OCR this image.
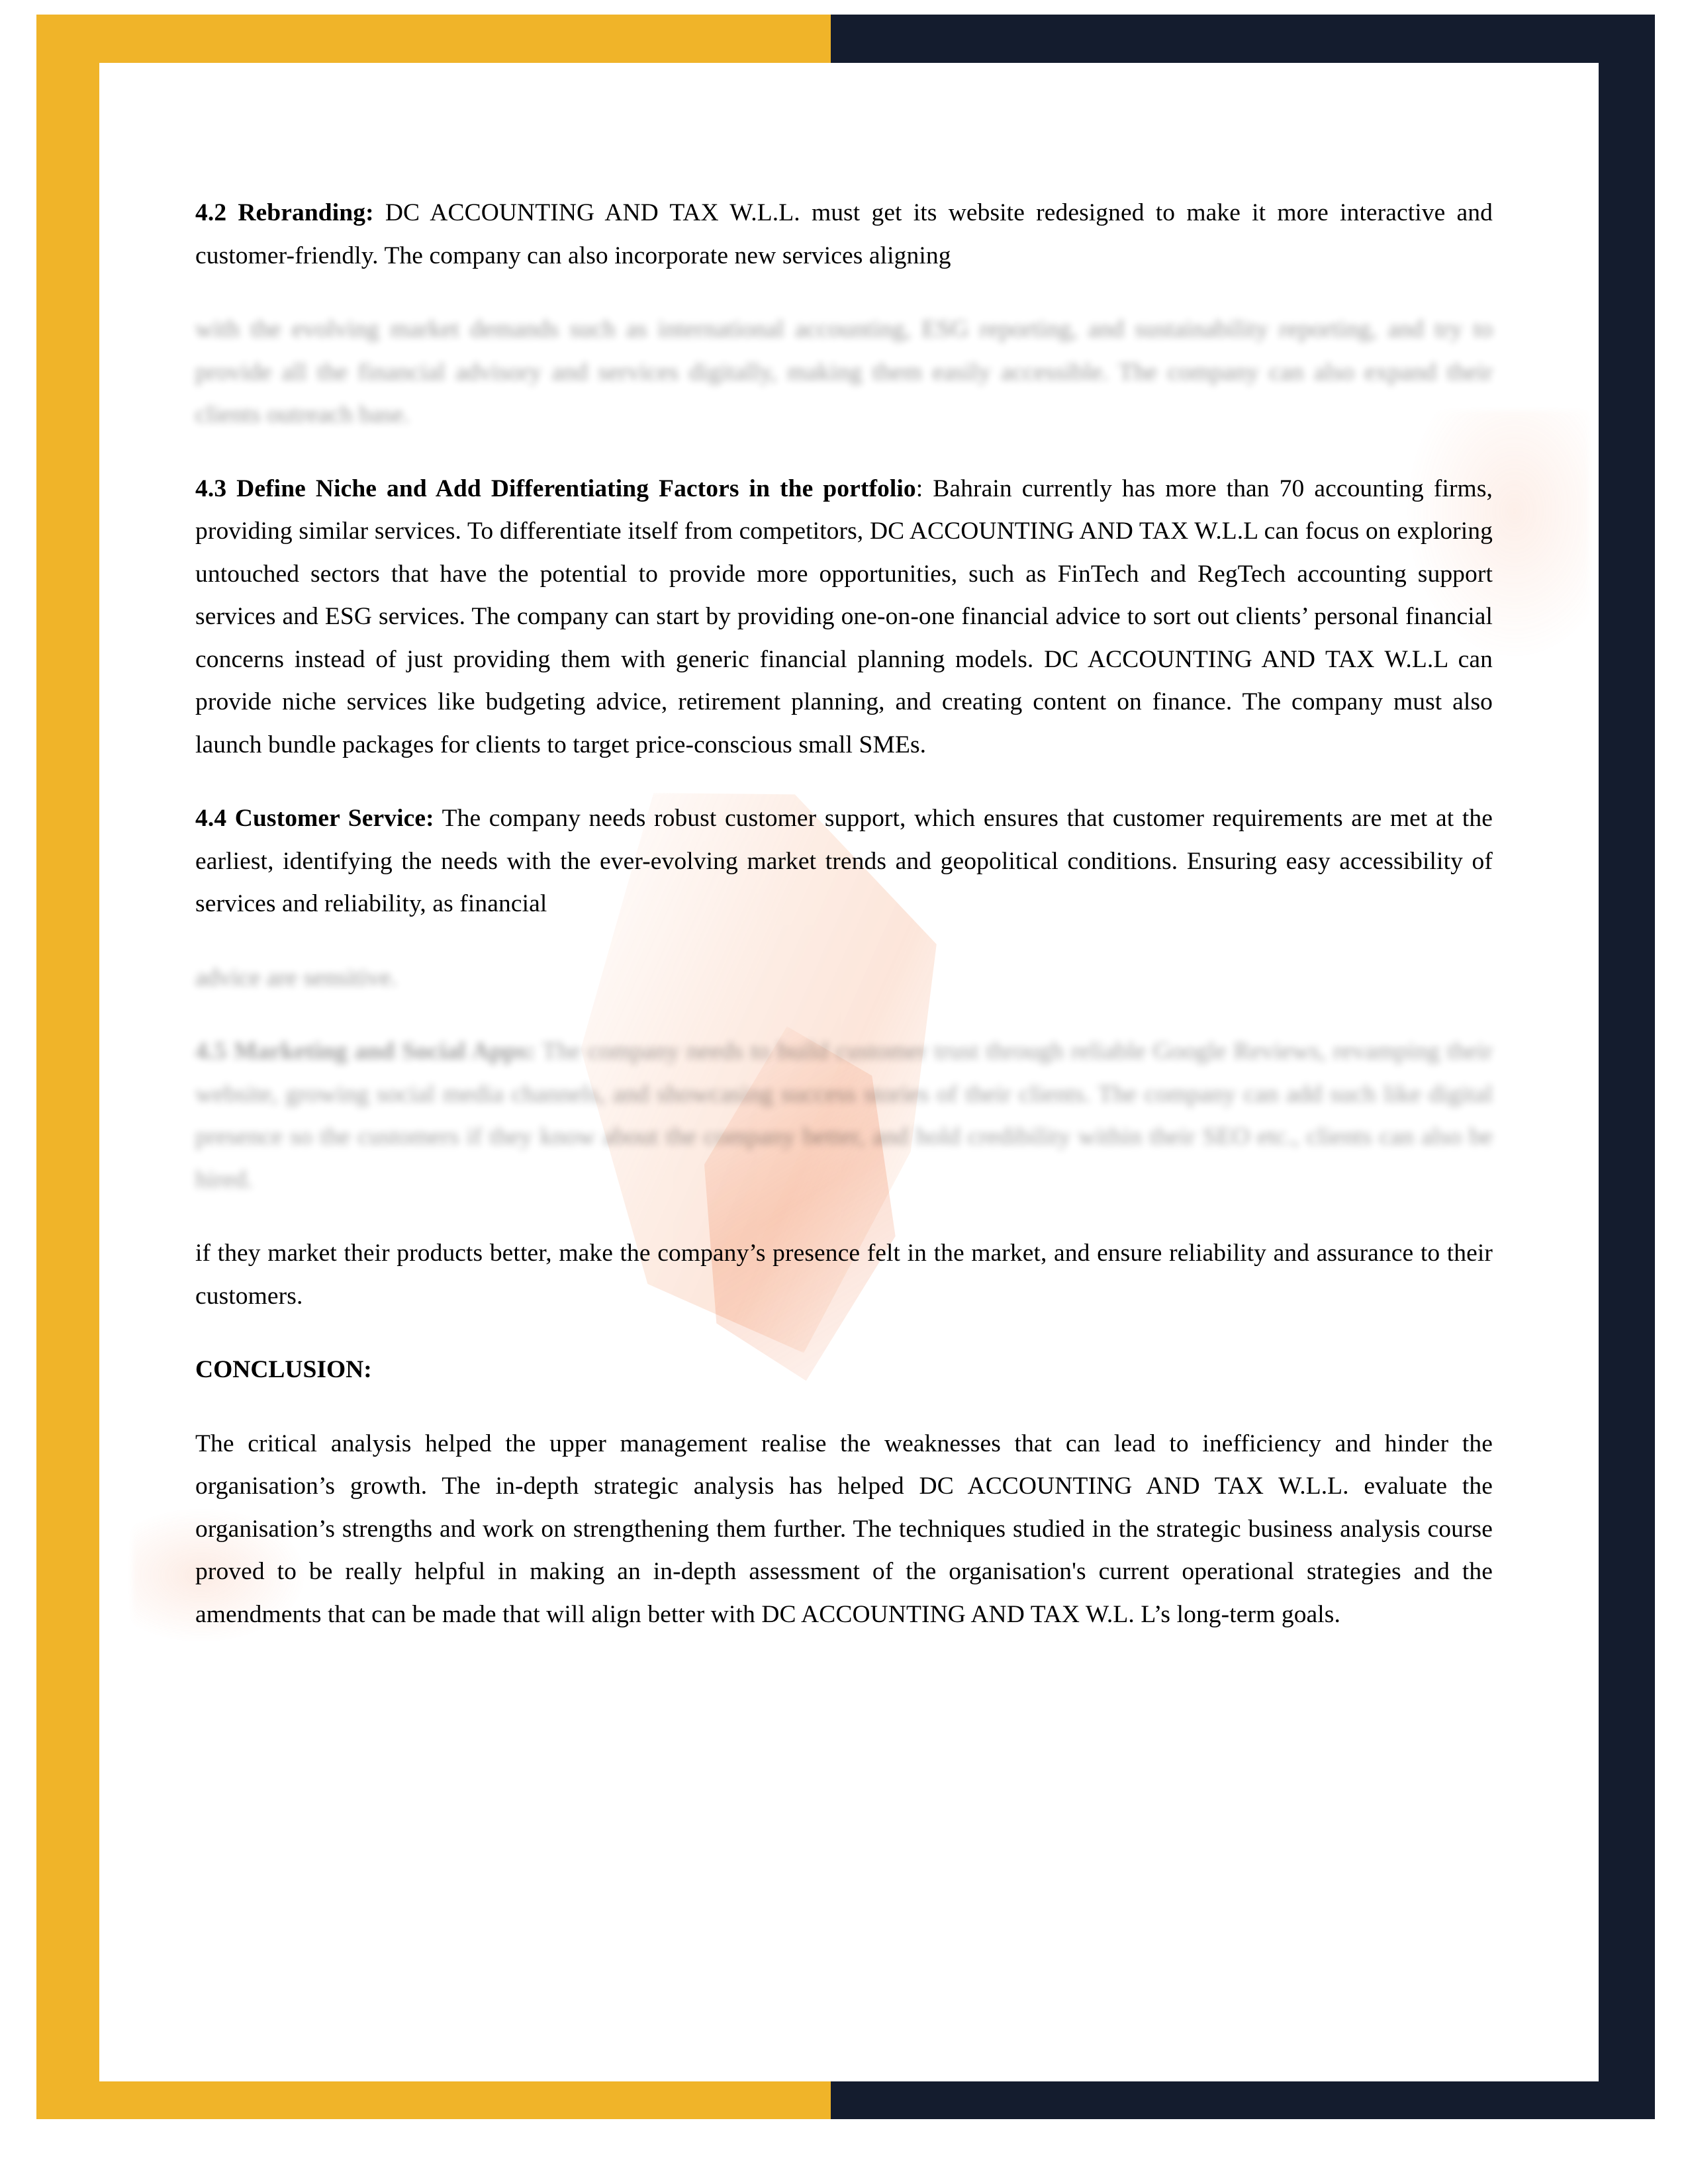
4.2 Rebranding: DC ACCOUNTING AND TAX W.L.L. must get its website redesigned to make it more interactive and customer-friendly. The company can also incorporate new services aligning

with the evolving market demands such as international accounting, ESG reporting, and sustainability reporting, and try to provide all the financial advisory and services digitally, making them easily accessible. The company can also expand their clients outreach base.

4.3 Define Niche and Add Differentiating Factors in the portfolio: Bahrain currently has more than 70 accounting firms, providing similar services. To differentiate itself from competitors, DC ACCOUNTING AND TAX W.L.L can focus on exploring untouched sectors that have the potential to provide more opportunities, such as FinTech and RegTech accounting support services and ESG services. The company can start by providing one-on-one financial advice to sort out clients’ personal financial concerns instead of just providing them with generic financial planning models. DC ACCOUNTING AND TAX W.L.L can provide niche services like budgeting advice, retirement planning, and creating content on finance. The company must also launch bundle packages for clients to target price-conscious small SMEs.

4.4 Customer Service: The company needs robust customer support, which ensures that customer requirements are met at the earliest, identifying the needs with the ever-evolving market trends and geopolitical conditions. Ensuring easy accessibility of services and reliability, as financial

advice are sensitive.

4.5 Marketing and Social Apps: The company needs to build customer trust through reliable Google Reviews, revamping their website, growing social media channels, and showcasing success stories of their clients. The company can add such like digital presence so the customers if they know about the company better, and hold credibility within their SEO etc., clients can also be hired.

if they market their products better, make the company’s presence felt in the market, and ensure reliability and assurance to their customers.

CONCLUSION:

The critical analysis helped the upper management realise the weaknesses that can lead to inefficiency and hinder the organisation’s growth. The in-depth strategic analysis has helped DC ACCOUNTING AND TAX W.L.L. evaluate the organisation’s strengths and work on strengthening them further. The techniques studied in the strategic business analysis course proved to be really helpful in making an in-depth assessment of the organisation's current operational strategies and the amendments that can be made that will align better with DC ACCOUNTING AND TAX W.L. L’s long-term goals.
